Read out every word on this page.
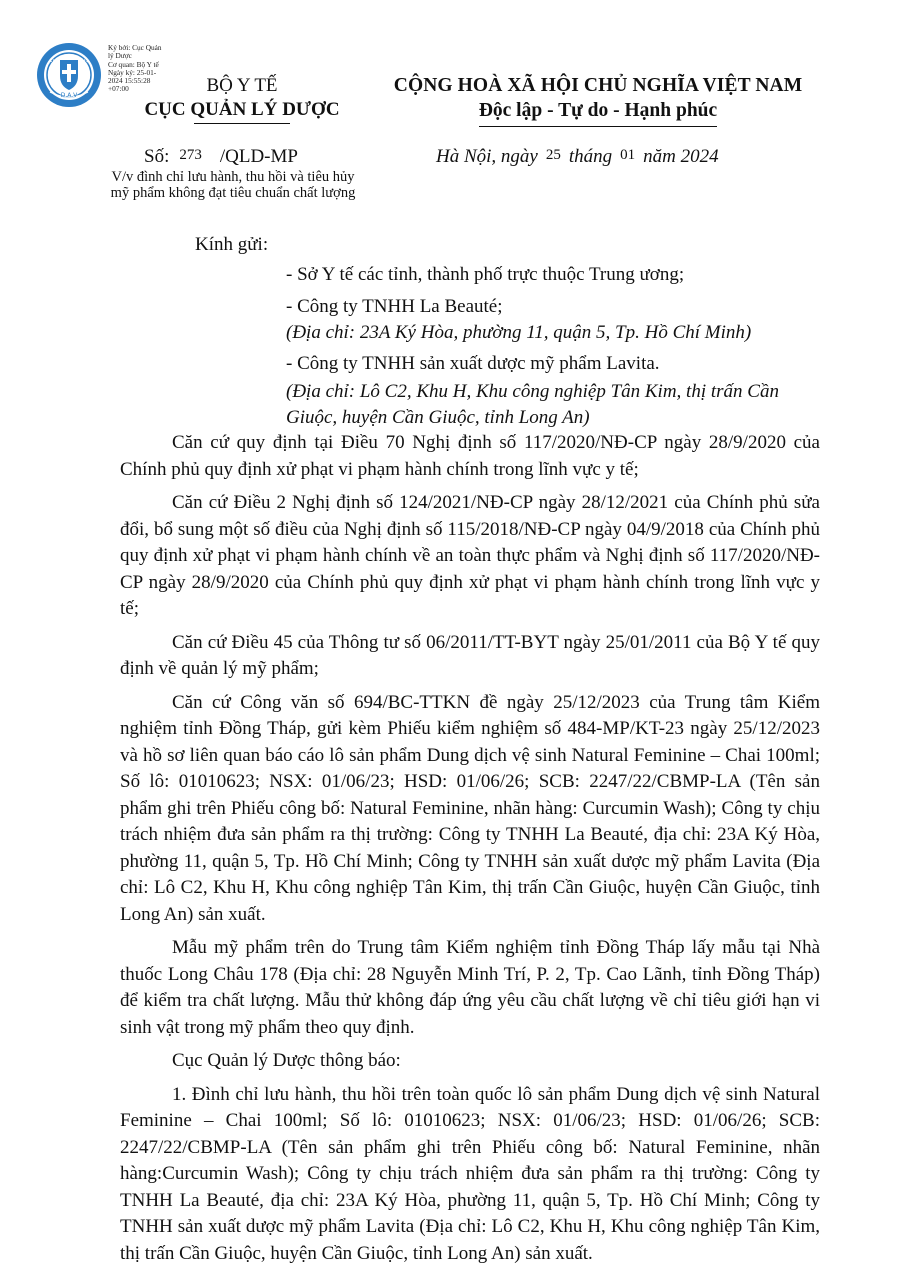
D.A.V
Ký bởi: Cục Quản
lý Dược
Cơ quan: Bộ Y tế
Ngày ký: 25-01-
2024 15:55:28
+07:00	BỘ Y TẾ
CỤC QUẢN LÝ DƯỢC
CỘNG HOÀ XÃ HỘI CHỦ NGHĨA VIỆT NAM
Độc lập - Tự do - Hạnh phúc
Số: 273 /QLD-MP	Hà Nội, ngày 25 tháng 01 năm 2024
V/v đình chỉ lưu hành, thu hồi và tiêu hủy mỹ phẩm không đạt tiêu chuẩn chất lượng
Kính gửi:
- Sở Y tế các tỉnh, thành phố trực thuộc Trung ương;
- Công ty TNHH La Beauté;
(Địa chỉ: 23A Ký Hòa, phường 11, quận 5, Tp. Hồ Chí Minh)
- Công ty TNHH sản xuất dược mỹ phẩm Lavita.
(Địa chỉ: Lô C2, Khu H, Khu công nghiệp Tân Kim, thị trấn Cần Giuộc, huyện Cần Giuộc, tỉnh Long An)

Căn cứ quy định tại Điều 70 Nghị định số 117/2020/NĐ-CP ngày 28/9/2020 của Chính phủ quy định xử phạt vi phạm hành chính trong lĩnh vực y tế;

Căn cứ Điều 2 Nghị định số 124/2021/NĐ-CP ngày 28/12/2021 của Chính phủ sửa đổi, bổ sung một số điều của Nghị định số 115/2018/NĐ-CP ngày 04/9/2018 của Chính phủ quy định xử phạt vi phạm hành chính về an toàn thực phẩm và Nghị định số 117/2020/NĐ-CP ngày 28/9/2020 của Chính phủ quy định xử phạt vi phạm hành chính trong lĩnh vực y tế;

Căn cứ Điều 45 của Thông tư số 06/2011/TT-BYT ngày 25/01/2011 của Bộ Y tế quy định về quản lý mỹ phẩm;

Căn cứ Công văn số 694/BC-TTKN đề ngày 25/12/2023 của Trung tâm Kiểm nghiệm tỉnh Đồng Tháp, gửi kèm Phiếu kiểm nghiệm số 484-MP/KT-23 ngày 25/12/2023 và hồ sơ liên quan báo cáo lô sản phẩm Dung dịch vệ sinh Natural Feminine – Chai 100ml; Số lô: 01010623; NSX: 01/06/23; HSD: 01/06/26; SCB: 2247/22/CBMP-LA (Tên sản phẩm ghi trên Phiếu công bố: Natural Feminine, nhãn hàng: Curcumin Wash); Công ty chịu trách nhiệm đưa sản phẩm ra thị trường: Công ty TNHH La Beauté, địa chỉ: 23A Ký Hòa, phường 11, quận 5, Tp. Hồ Chí Minh; Công ty TNHH sản xuất dược mỹ phẩm Lavita (Địa chỉ: Lô C2, Khu H, Khu công nghiệp Tân Kim, thị trấn Cần Giuộc, huyện Cần Giuộc, tỉnh Long An) sản xuất.

Mẫu mỹ phẩm trên do Trung tâm Kiểm nghiệm tỉnh Đồng Tháp lấy mẫu tại Nhà thuốc Long Châu 178 (Địa chỉ: 28 Nguyễn Minh Trí, P. 2, Tp. Cao Lãnh, tỉnh Đồng Tháp) để kiểm tra chất lượng. Mẫu thử không đáp ứng yêu cầu chất lượng về chỉ tiêu giới hạn vi sinh vật trong mỹ phẩm theo quy định.

Cục Quản lý Dược thông báo:

1. Đình chỉ lưu hành, thu hồi trên toàn quốc lô sản phẩm Dung dịch vệ sinh Natural Feminine – Chai 100ml; Số lô: 01010623; NSX: 01/06/23; HSD: 01/06/26; SCB: 2247/22/CBMP-LA (Tên sản phẩm ghi trên Phiếu công bố: Natural Feminine, nhãn hàng:Curcumin Wash); Công ty chịu trách nhiệm đưa sản phẩm ra thị trường: Công ty TNHH La Beauté, địa chỉ: 23A Ký Hòa, phường 11, quận 5, Tp. Hồ Chí Minh; Công ty TNHH sản xuất dược mỹ phẩm Lavita (Địa chỉ: Lô C2, Khu H, Khu công nghiệp Tân Kim, thị trấn Cần Giuộc, huyện Cần Giuộc, tỉnh Long An) sản xuất.
